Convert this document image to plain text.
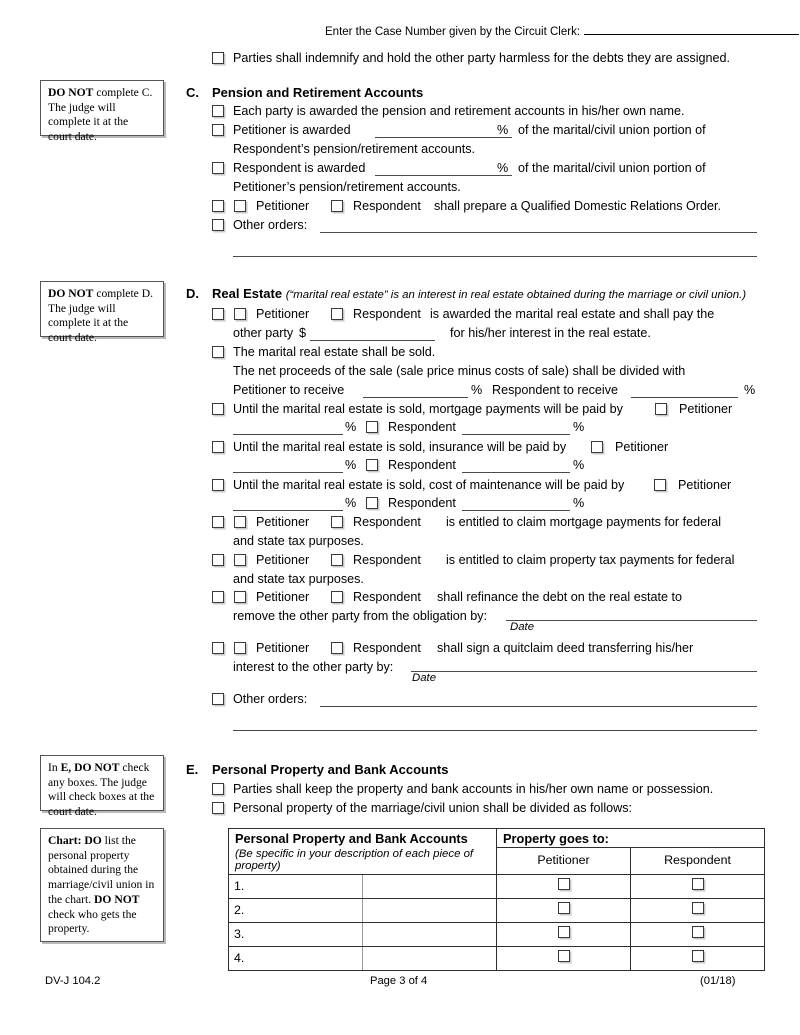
Enter the Case Number given by the Circuit Clerk:
Parties shall indemnify and hold the other party harmless for the debts they are assigned.
DO NOT complete C.
The judge will
complete it at the
court date.
C. Pension and Retirement Accounts
Each party is awarded the pension and retirement accounts in his/her own name.
Petitioner is awarded	% of the marital/civil union portion of
Respondent’s pension/retirement accounts.
Respondent is awarded	% of the marital/civil union portion of
Petitioner’s pension/retirement accounts.
Petitioner	Respondent shall prepare a Qualified Domestic Relations Order.
Other orders:
DO NOT complete D.
The judge will
complete it at the
court date.
D. Real Estate (“marital real estate” is an interest in real estate obtained during the marriage or civil union.)
Petitioner	Respondent is awarded the marital real estate and shall pay the
other party $	for his/her interest in the real estate.
The marital real estate shall be sold.
The net proceeds of the sale (sale price minus costs of sale) shall be divided with
Petitioner to receive	% Respondent to receive	%
Until the marital real estate is sold, mortgage payments will be paid by	Petitioner
%	Respondent	%
Until the marital real estate is sold, insurance will be paid by	Petitioner
%	Respondent	%
Until the marital real estate is sold, cost of maintenance will be paid by	Petitioner
%	Respondent	%
Petitioner	Respondent is entitled to claim mortgage payments for federal
and state tax purposes.
Petitioner	Respondent is entitled to claim property tax payments for federal
and state tax purposes.
Petitioner	Respondent shall refinance the debt on the real estate to
remove the other party from the obligation by:
Date
Petitioner	Respondent shall sign a quitclaim deed transferring his/her
interest to the other party by:
Date
Other orders:
In E, DO NOT check
any boxes. The judge
will check boxes at the
court date.
E. Personal Property and Bank Accounts
Parties shall keep the property and bank accounts in his/her own name or possession.
Personal property of the marriage/civil union shall be divided as follows:
Chart: DO list the
personal property
obtained during the
marriage/civil union in
the chart. DO NOT
check who gets the
property.
Personal Property and Bank Accounts		Property goes to:	
(Be specific in your description of each piece of property)		Petitioner	Respondent
1.			
2.			
3.			
4.			
DV-J 104.2	Page 3 of 4	(01/18)
